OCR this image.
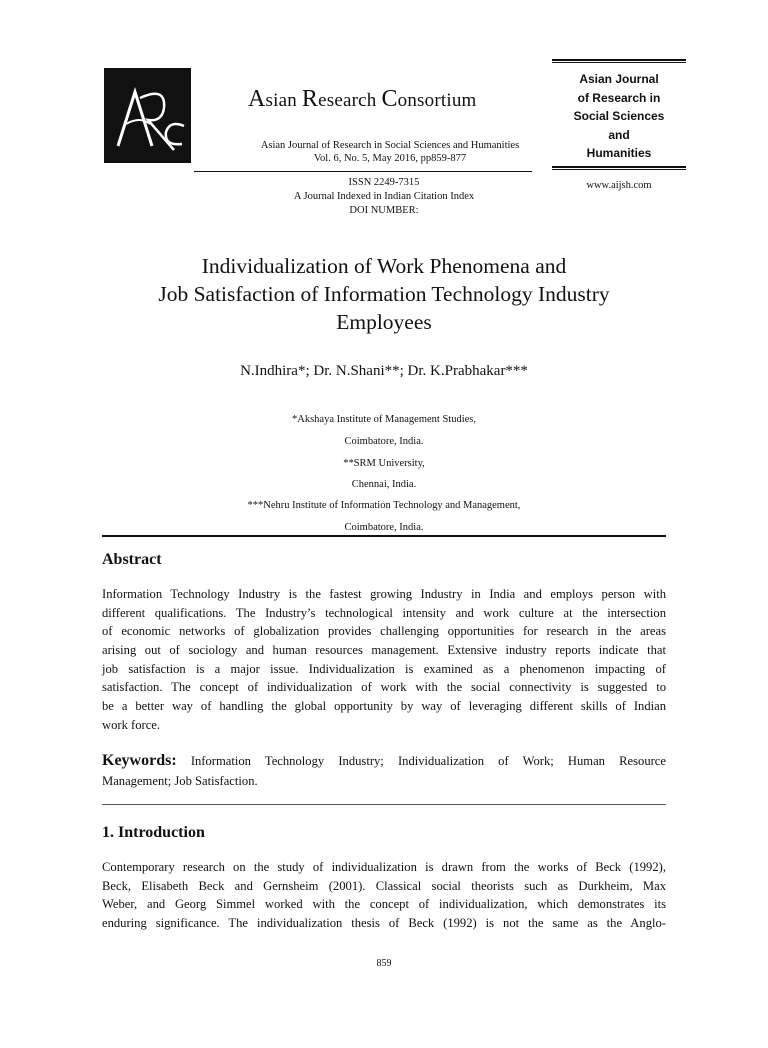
Asian Research Consortium
Asian Journal of Research in Social Sciences and Humanities
Vol. 6, No. 5, May 2016, pp859-877
ISSN 2249-7315
A Journal Indexed in Indian Citation Index
DOI NUMBER:
Asian Journal
of Research in
Social Sciences
and
Humanities
www.aijsh.com
Individualization of Work Phenomena and
Job Satisfaction of Information Technology Industry
Employees
N.Indhira*; Dr. N.Shani**; Dr. K.Prabhakar***
*Akshaya Institute of Management Studies,
Coimbatore, India.
**SRM University,
Chennai, India.
***Nehru Institute of Information Technology and Management,
Coimbatore, India.
Abstract
Information Technology Industry is the fastest growing Industry in India and employs person with
different qualifications. The Industry’s technological intensity and work culture at the intersection
of economic networks of globalization provides challenging opportunities for research in the areas
arising out of sociology and human resources management. Extensive industry reports indicate that
job satisfaction is a major issue. Individualization is examined as a phenomenon impacting of
satisfaction. The concept of individualization of work with the social connectivity is suggested to
be a better way of handling the global opportunity by way of leveraging different skills of Indian
work force.
Keywords: Information Technology Industry; Individualization of Work; Human Resource
Management; Job Satisfaction.
1. Introduction
Contemporary research on the study of individualization is drawn from the works of Beck (1992),
Beck, Elisabeth Beck and Gernsheim (2001). Classical social theorists such as Durkheim, Max
Weber, and Georg Simmel worked with the concept of individualization, which demonstrates its
enduring significance. The individualization thesis of Beck (1992) is not the same as the Anglo-
859
